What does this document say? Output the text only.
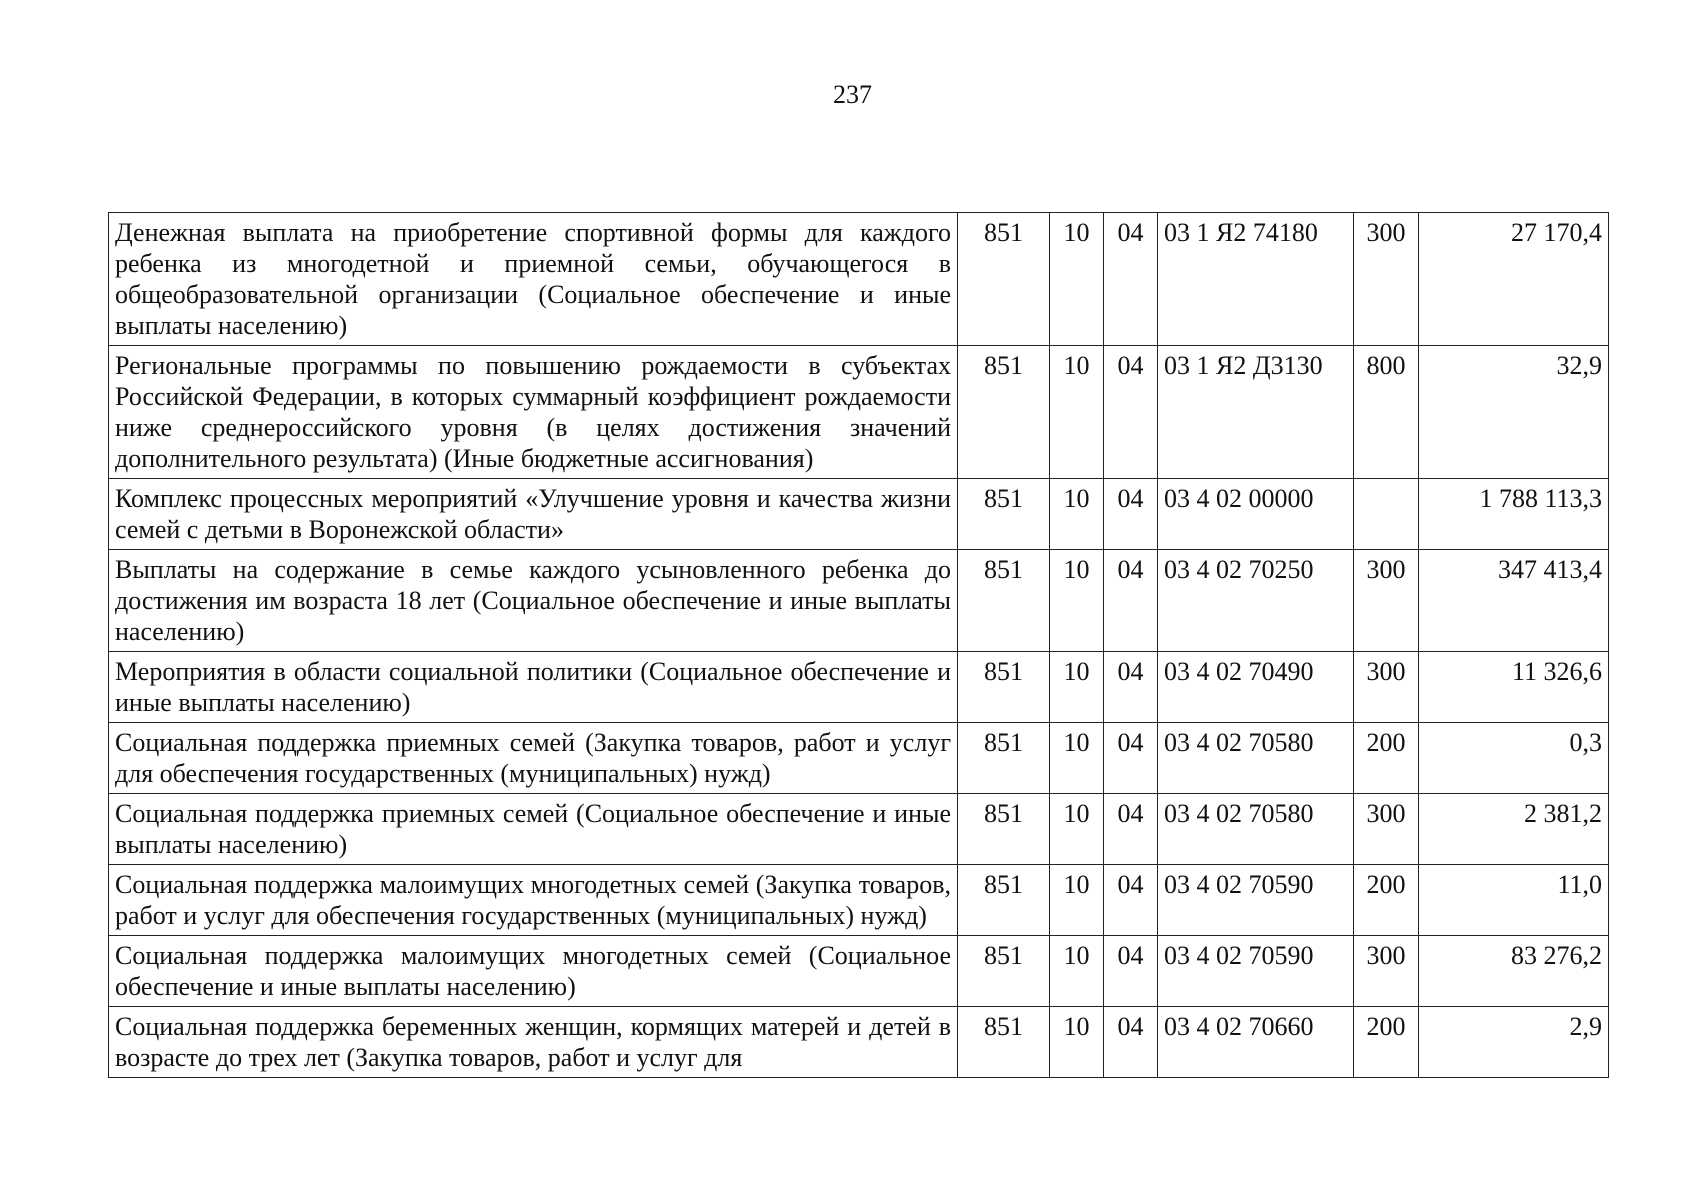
237
Денежная выплата на приобретение спортивной формы для каждого ребенка из многодетной и приемной семьи, обучающегося в общеобразовательной организации (Социальное обеспечение и иные выплаты населению)	851	10	04	03 1 Я2 74180	300	27 170,4
Региональные программы по повышению рождаемости в субъектах Российской Федерации, в которых суммарный коэффициент рождаемости ниже среднероссийского уровня (в целях достижения значений дополнительного результата) (Иные бюджетные ассигнования)	851	10	04	03 1 Я2 Д3130	800	32,9
Комплекс процессных мероприятий «Улучшение уровня и качества жизни семей с детьми в Воронежской области»	851	10	04	03 4 02 00000		1 788 113,3
Выплаты на содержание в семье каждого усыновленного ребенка до достижения им возраста 18 лет (Социальное обеспечение и иные выплаты населению)	851	10	04	03 4 02 70250	300	347 413,4
Мероприятия в области социальной политики (Социальное обеспечение и иные выплаты населению)	851	10	04	03 4 02 70490	300	11 326,6
Социальная поддержка приемных семей (Закупка товаров, работ и услуг для обеспечения государственных (муниципальных) нужд)	851	10	04	03 4 02 70580	200	0,3
Социальная поддержка приемных семей (Социальное обеспечение и иные выплаты населению)	851	10	04	03 4 02 70580	300	2 381,2
Социальная поддержка малоимущих многодетных семей (Закупка товаров, работ и услуг для обеспечения государственных (муниципальных) нужд)	851	10	04	03 4 02 70590	200	11,0
Социальная поддержка малоимущих многодетных семей (Социальное обеспечение и иные выплаты населению)	851	10	04	03 4 02 70590	300	83 276,2
Социальная поддержка беременных женщин, кормящих матерей и детей в возрасте до трех лет (Закупка товаров, работ и услуг для	851	10	04	03 4 02 70660	200	2,9
